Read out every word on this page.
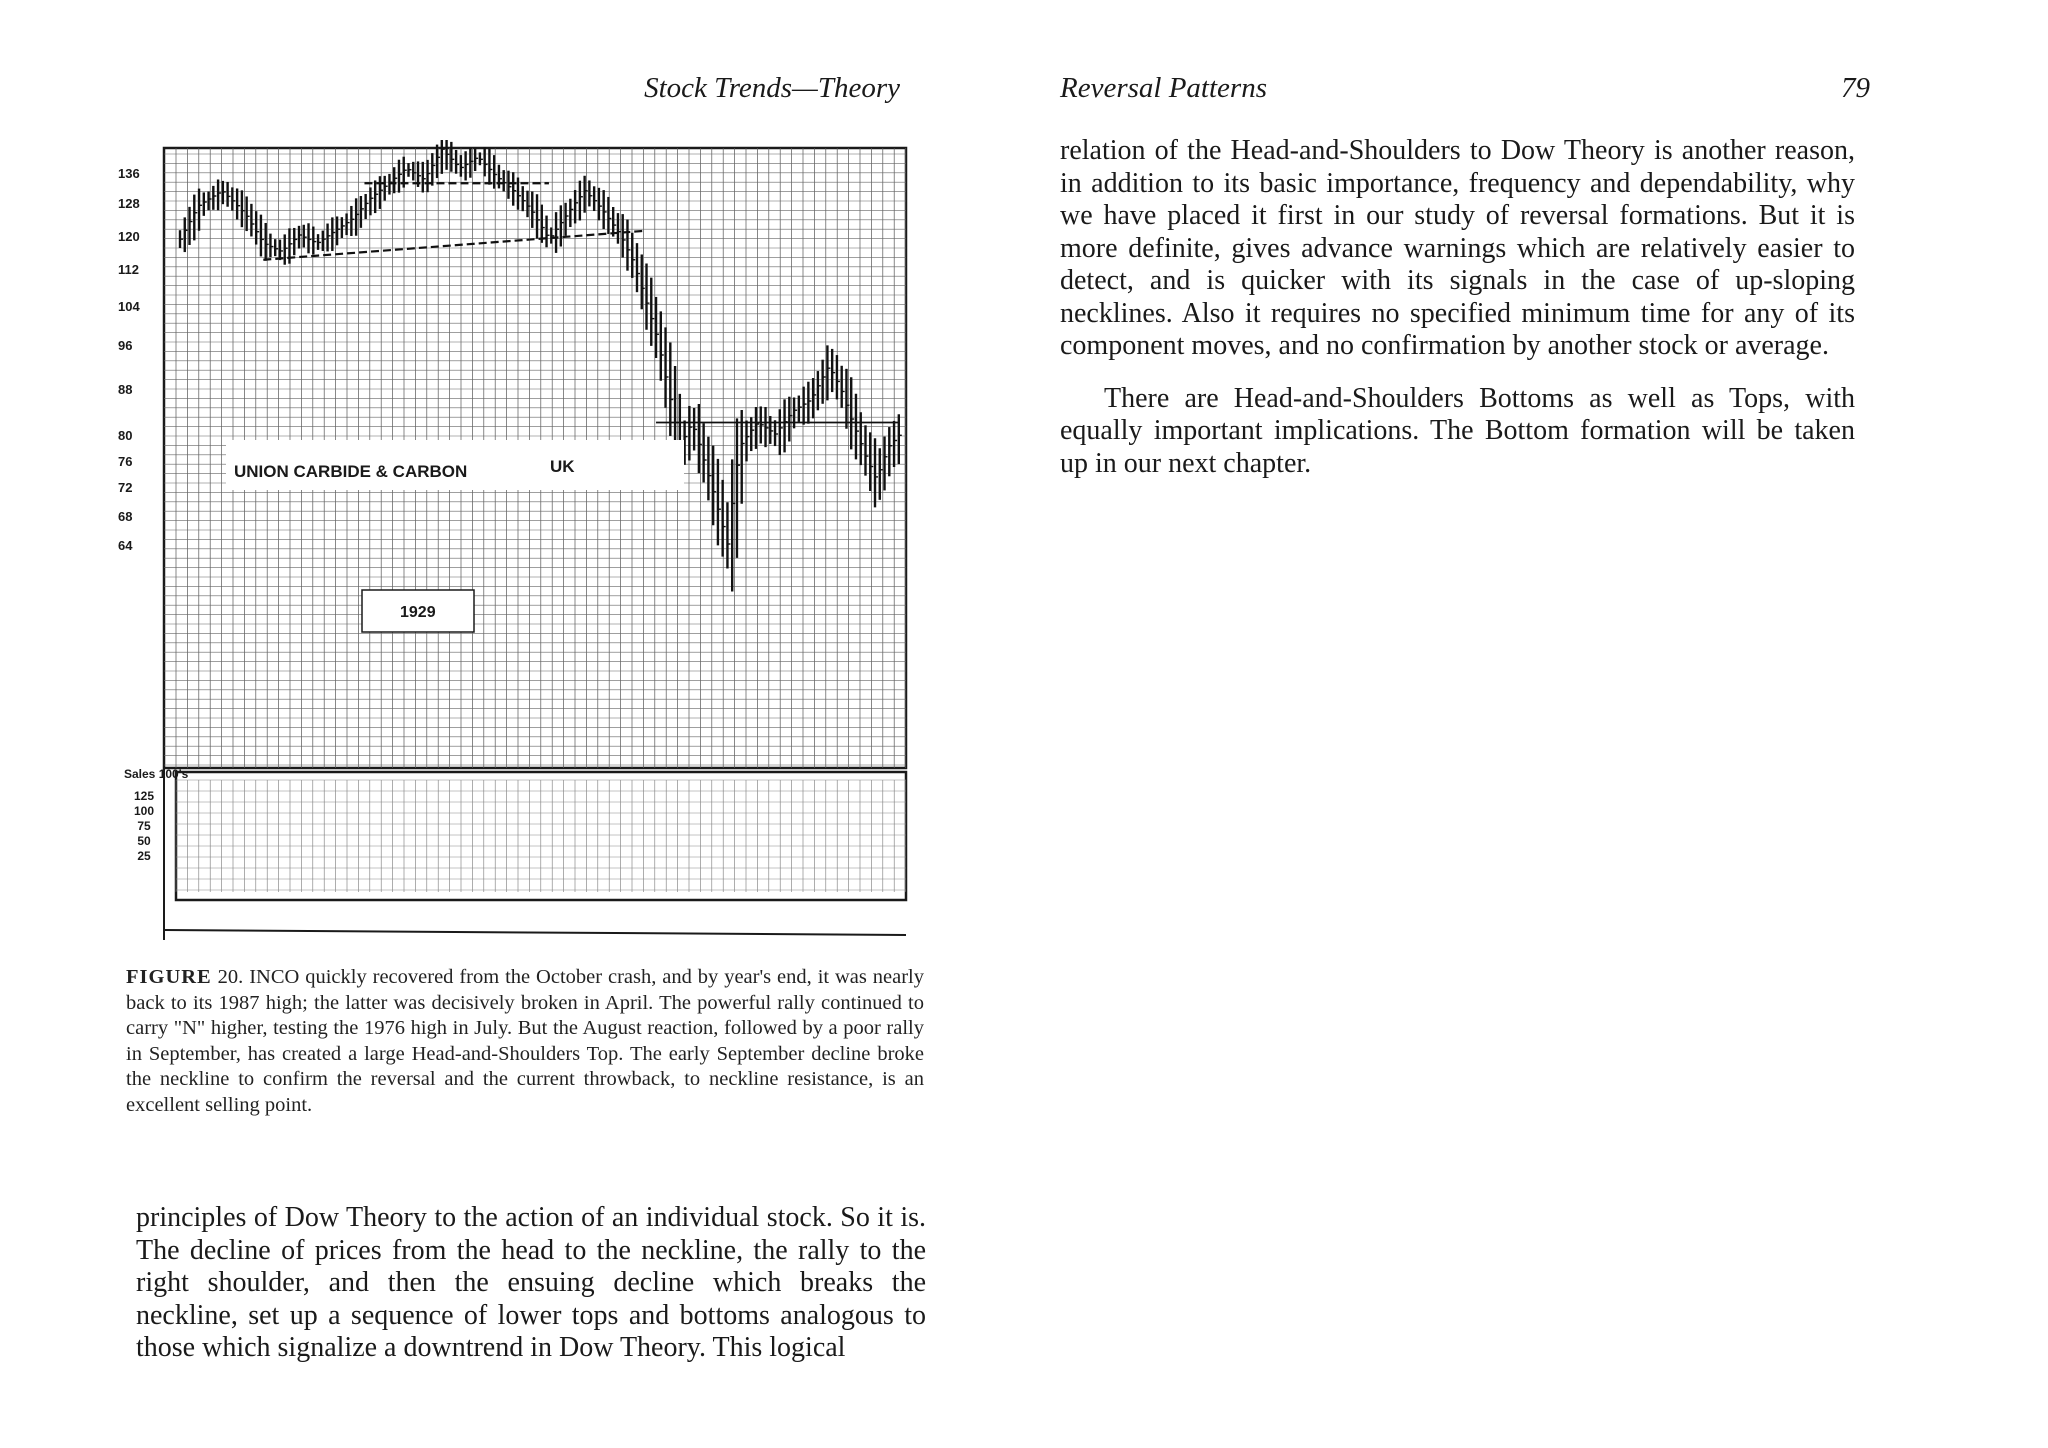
Stock Trends—Theory
136
128
120
112
104
96
88
80
76
72
68
64
125
100
75
50
25
UNION CARBIDE & CARBON	UK
1929
Sales 100's
FIGURE 20. INCO quickly recovered from the October crash, and by year's end, it was nearly back to its 1987 high; the latter was decisively broken in April. The powerful rally continued to carry "N" higher, testing the 1976 high in July. But the August reaction, followed by a poor rally in September, has created a large Head-and-Shoulders Top. The early September decline broke the neckline to confirm the reversal and the current throwback, to neckline resistance, is an excellent selling point.

principles of Dow Theory to the action of an individual stock. So it is. The decline of prices from the head to the neckline, the rally to the right shoulder, and then the ensuing decline which breaks the neckline, set up a sequence of lower tops and bottoms analogous to those which signalize a downtrend in Dow Theory. This logical

Reversal Patterns	79

relation of the Head-and-Shoulders to Dow Theory is another reason, in addition to its basic importance, frequency and dependability, why we have placed it first in our study of reversal formations. But it is more definite, gives advance warnings which are relatively easier to detect, and is quicker with its signals in the case of up-sloping necklines. Also it requires no specified minimum time for any of its component moves, and no confirmation by another stock or average.

There are Head-and-Shoulders Bottoms as well as Tops, with equally important implications. The Bottom formation will be taken up in our next chapter.
